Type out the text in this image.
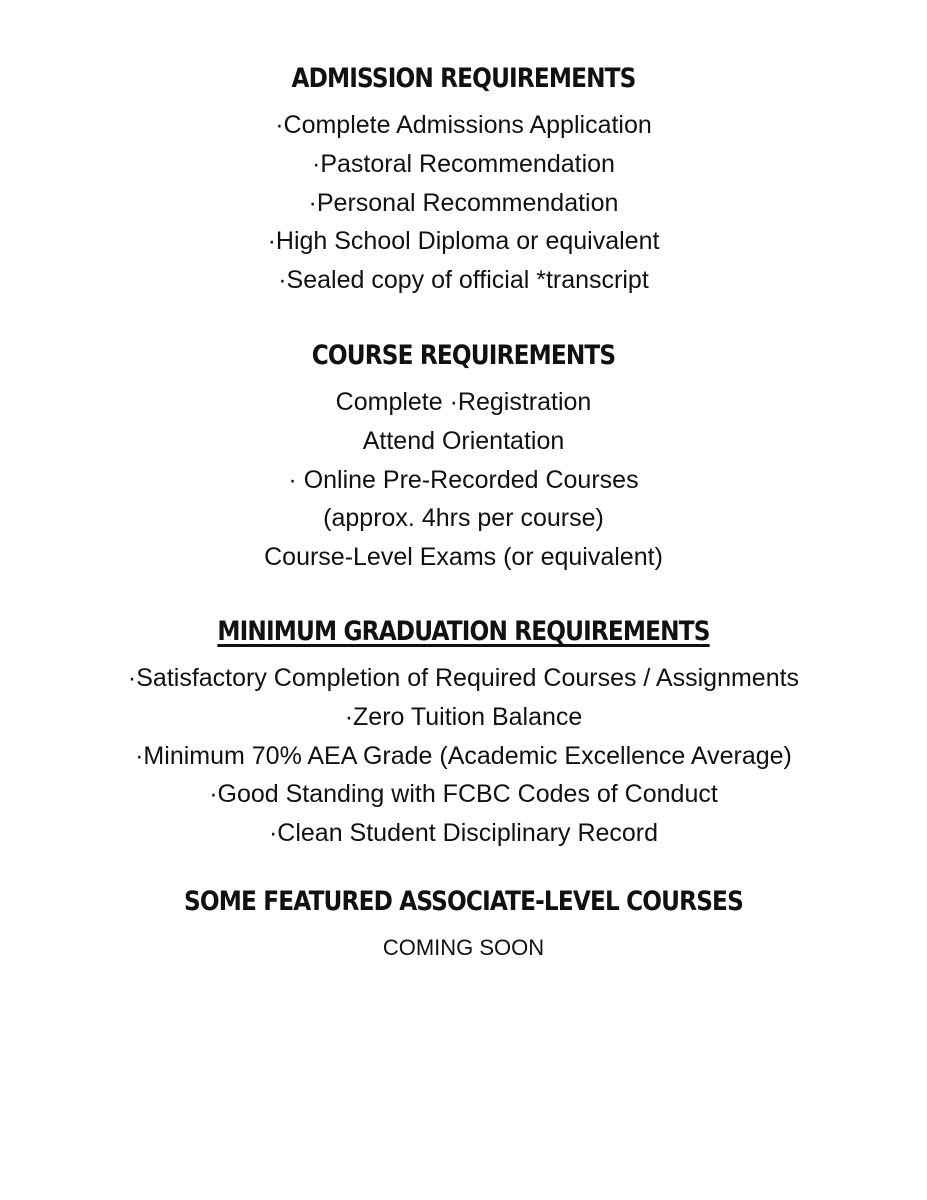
ADMISSION REQUIREMENTS
·Complete Admissions Application
·Pastoral Recommendation
·Personal Recommendation
·High School Diploma or equivalent
·Sealed copy of official *transcript
COURSE REQUIREMENTS
Complete ·Registration
Attend Orientation
· Online Pre-Recorded Courses
(approx. 4hrs per course)
Course-Level Exams (or equivalent)
MINIMUM GRADUATION REQUIREMENTS
·Satisfactory Completion of Required Courses / Assignments
·Zero Tuition Balance
·Minimum 70% AEA Grade (Academic Excellence Average)
·Good Standing with FCBC Codes of Conduct
·Clean Student Disciplinary Record
SOME FEATURED ASSOCIATE-LEVEL COURSES
COMING SOON
